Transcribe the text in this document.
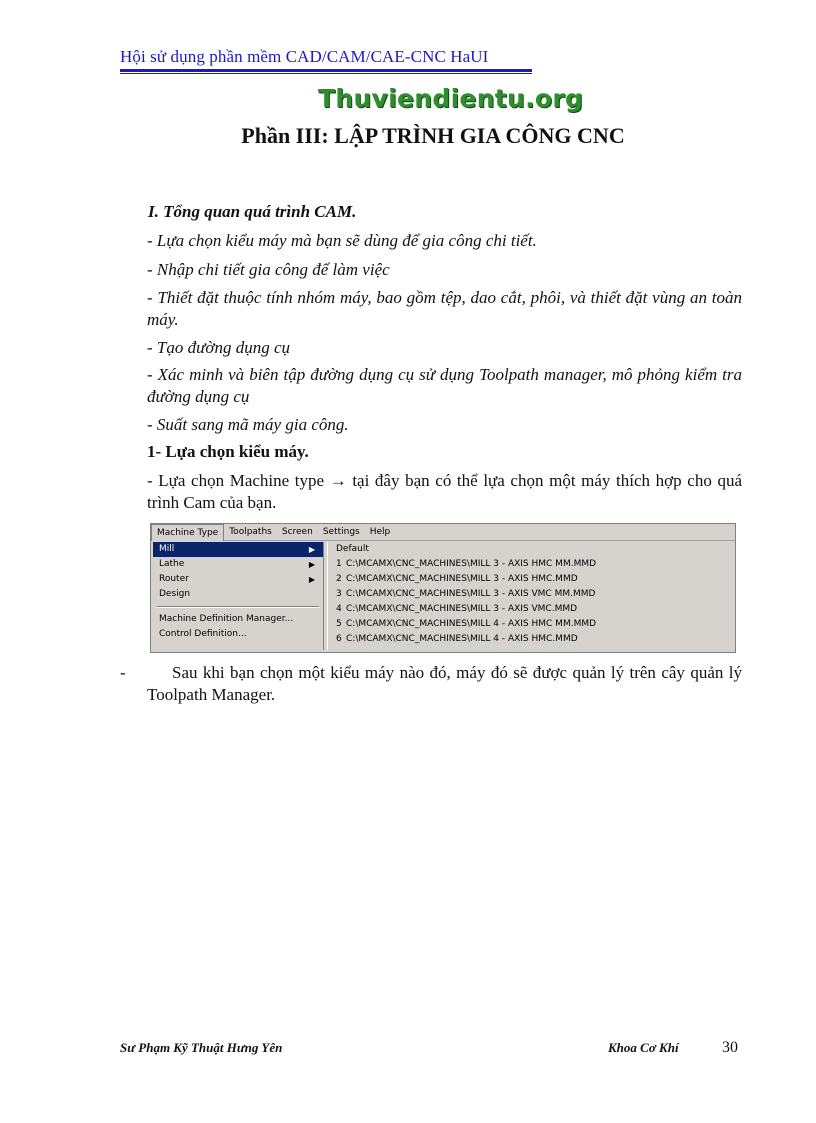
Hội sử dụng phần mềm CAD/CAM/CAE-CNC HaUI
Thuviendientu.org
Phần III: LẬP TRÌNH GIA CÔNG CNC
I. Tổng quan quá trình CAM.
- Lựa chọn kiểu máy mà bạn sẽ dùng để gia công chi tiết.
- Nhập chi tiết gia công để làm việc
- Thiết đặt thuộc tính nhóm máy, bao gồm tệp, dao cắt, phôi, và thiết đặt vùng an toàn máy.
- Tạo đường dụng cụ
- Xác minh và biên tập đường dụng cụ sử dụng Toolpath manager, mô phỏng kiểm tra đường dụng cụ
- Suất sang mã máy gia công.
1- Lựa chọn kiểu máy.
- Lựa chọn Machine type → tại đây bạn có thể lựa chọn một máy thích hợp cho quá trình Cam của bạn.
Machine Type	Toolpaths	Screen	Settings	Help
Mill	▶
Lathe	▶
Router	▶
Design
Machine Definition Manager...
Control Definition...
Default
1 C:\MCAMX\CNC_MACHINES\MILL 3 - AXIS HMC MM.MMD
2 C:\MCAMX\CNC_MACHINES\MILL 3 - AXIS HMC.MMD
3 C:\MCAMX\CNC_MACHINES\MILL 3 - AXIS VMC MM.MMD
4 C:\MCAMX\CNC_MACHINES\MILL 3 - AXIS VMC.MMD
5 C:\MCAMX\CNC_MACHINES\MILL 4 - AXIS HMC MM.MMD
6 C:\MCAMX\CNC_MACHINES\MILL 4 - AXIS HMC.MMD
-	Sau khi bạn chọn một kiểu máy nào đó, máy đó sẽ được quản lý trên cây quản lý Toolpath Manager.
Sư Phạm Kỹ Thuật Hưng Yên	Khoa Cơ Khí	30
